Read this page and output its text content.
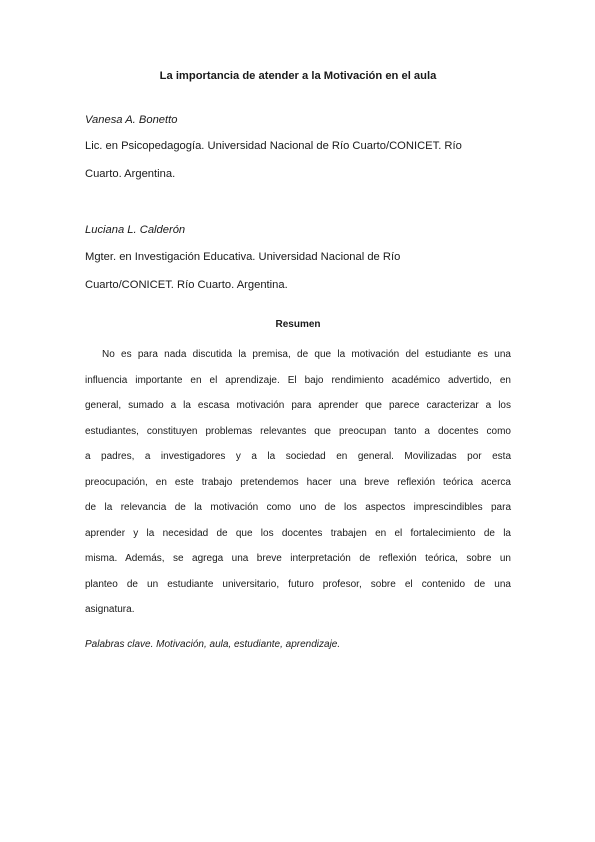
La importancia de atender a la Motivación en el aula
Vanesa A. Bonetto
Lic. en Psicopedagogía. Universidad Nacional de Río Cuarto/CONICET. Río
Cuarto. Argentina.
Luciana L. Calderón
Mgter. en Investigación Educativa. Universidad Nacional de Río
Cuarto/CONICET. Río Cuarto. Argentina.
Resumen
No es para nada discutida la premisa, de que la motivación del estudiante es una
influencia importante en el aprendizaje. El bajo rendimiento académico advertido, en
general, sumado a la escasa motivación para aprender que parece caracterizar a los
estudiantes, constituyen problemas relevantes que preocupan tanto a docentes como
a padres, a investigadores y a la sociedad en general. Movilizadas por esta
preocupación, en este trabajo pretendemos hacer una breve reflexión teórica acerca
de la relevancia de la motivación como uno de los aspectos imprescindibles para
aprender y la necesidad de que los docentes trabajen en el fortalecimiento de la
misma. Además, se agrega una breve interpretación de reflexión teórica, sobre un
planteo de un estudiante universitario, futuro profesor, sobre el contenido de una
asignatura.
Palabras clave. Motivación, aula, estudiante, aprendizaje.
